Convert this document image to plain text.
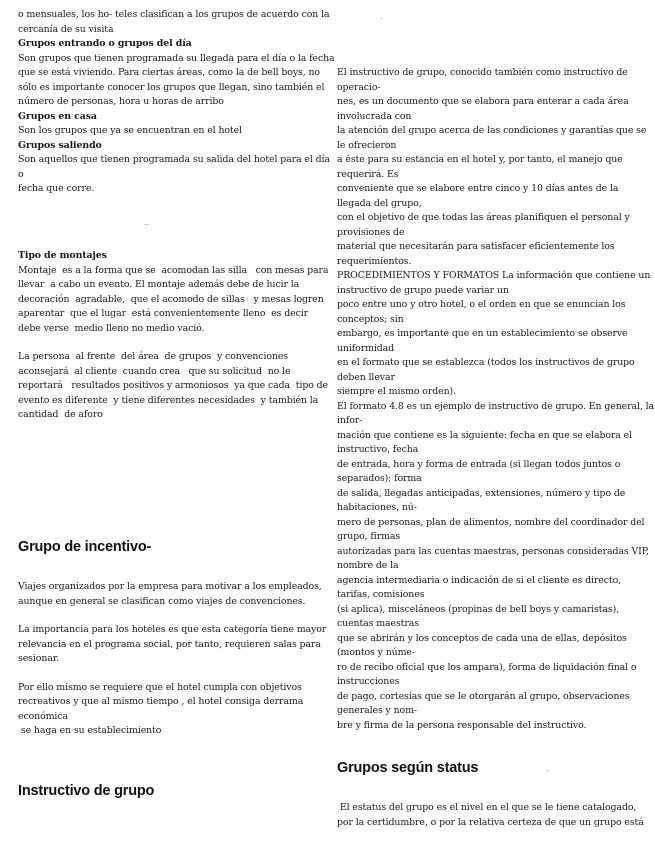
o mensuales, los ho- teles clasifican a los grupos de acuerdo con la
cercanía de su visita

Grupos entrando o grupos del día

Son grupos que tienen programada su llegada para el día o la fecha
que se está viviendo. Para ciertas áreas, como la de bell boys, no
sólo es importante conocer los grupos que llegan, sino también el
número de personas, hora u horas de arribo

Grupos en casa

Son los grupos que ya se encuentran en el hotel

Grupos saliendo

Son aquellos que tienen programada su salida del hotel para el día
o
fecha que corre.
..

Tipo de montajes

Montaje  es a la forma que se  acomodan las silla   con mesas para
llevar  a cabo un evento. El montaje además debe de lucir la
decoración  agradable,  que el acomodo de sillas   y mesas logren
aparentar  que el lugar  está convenientemente lleno  es decir
debe verse  medio lleno no medio vació.
La persona  al frente  del área  de grupos  y convenciones
aconsejará  al cliente  cuando crea   que su solicitud  no le
reportará   resultados positivos y armoniosos  ya que cada  tipo de
evento es diferente  y tiene diferentes necesidades  y también la
cantidad  de aforo
Grupo de incentivo-
Viajes organizados por la empresa para motivar a los empleados,
aunque en general se clasifican como viajes de convenciones.
La importancia para los hoteles es que esta categoría tiene mayor
relevancia en el programa social, por tanto, requieren salas para
sesionar.
Por ello mismo se requiere que el hotel cumpla con objetivos
recreativos y que al mismo tiempo , el hotel consiga derrama
económica
se haga en su establecimiento
Instructivo de grupo
.
El instructivo de grupo, conocido también como instructivo de
operacio-
nes, es un documento que se elabora para enterar a cada área
involucrada con
la atención del grupo acerca de las condiciones y garantías que se
le ofrecieron
a éste para su estancia en el hotel y, por tanto, el manejo que
requerirá. Es
conveniente que se elabore entre cinco y 10 días antes de la
llegada del grupo,
con el objetivo de que todas las áreas planifiquen el personal y
provisiones de
material que necesitarán para satisfacer eficientemente los
requerimientos.
PROCEDIMIENTOS Y FORMATOS La información que contiene un
instructivo de grupo puede variar un
poco entre uno y otro hotel, o el orden en que se enuncian los
conceptos; sin
embargo, es importante que en un establecimiento se observe
uniformidad
en el formato que se establezca (todos los instructivos de grupo
deben llevar
siempre el mismo orden).
El formato 4.8 es un ejemplo de instructivo de grupo. En general, la
infor-
mación que contiene es la siguiente: fecha en que se elabora el
instructivo, fecha
de entrada, hora y forma de entrada (si llegan todos juntos o
separados); forma
de salida, llegadas anticipadas, extensiones, número y tipo de
habitaciones, nú-
mero de personas, plan de alimentos, nombre del coordinador del
grupo, firmas
autorizadas para las cuentas maestras, personas consideradas VIP,
nombre de la
agencia intermediaria o indicación de si el cliente es directo,
tarifas, comisiones
(si aplica), misceláneos (propinas de bell boys y camaristas),
cuentas maestras
que se abrirán y los conceptos de cada una de ellas, depósitos
(montos y núme-
ro de recibo oficial que los ampara), forma de liquidación final o
instrucciones
de pago, cortesías que se le otorgarán al grupo, observaciones
generales y nom-
bre y firma de la persona responsable del instructivo.
Grupos según status	.
El estatus del grupo es el nivel en el que se le tiene catalogado,
por la certidumbre, o por la relativa certeza de que un grupo está
